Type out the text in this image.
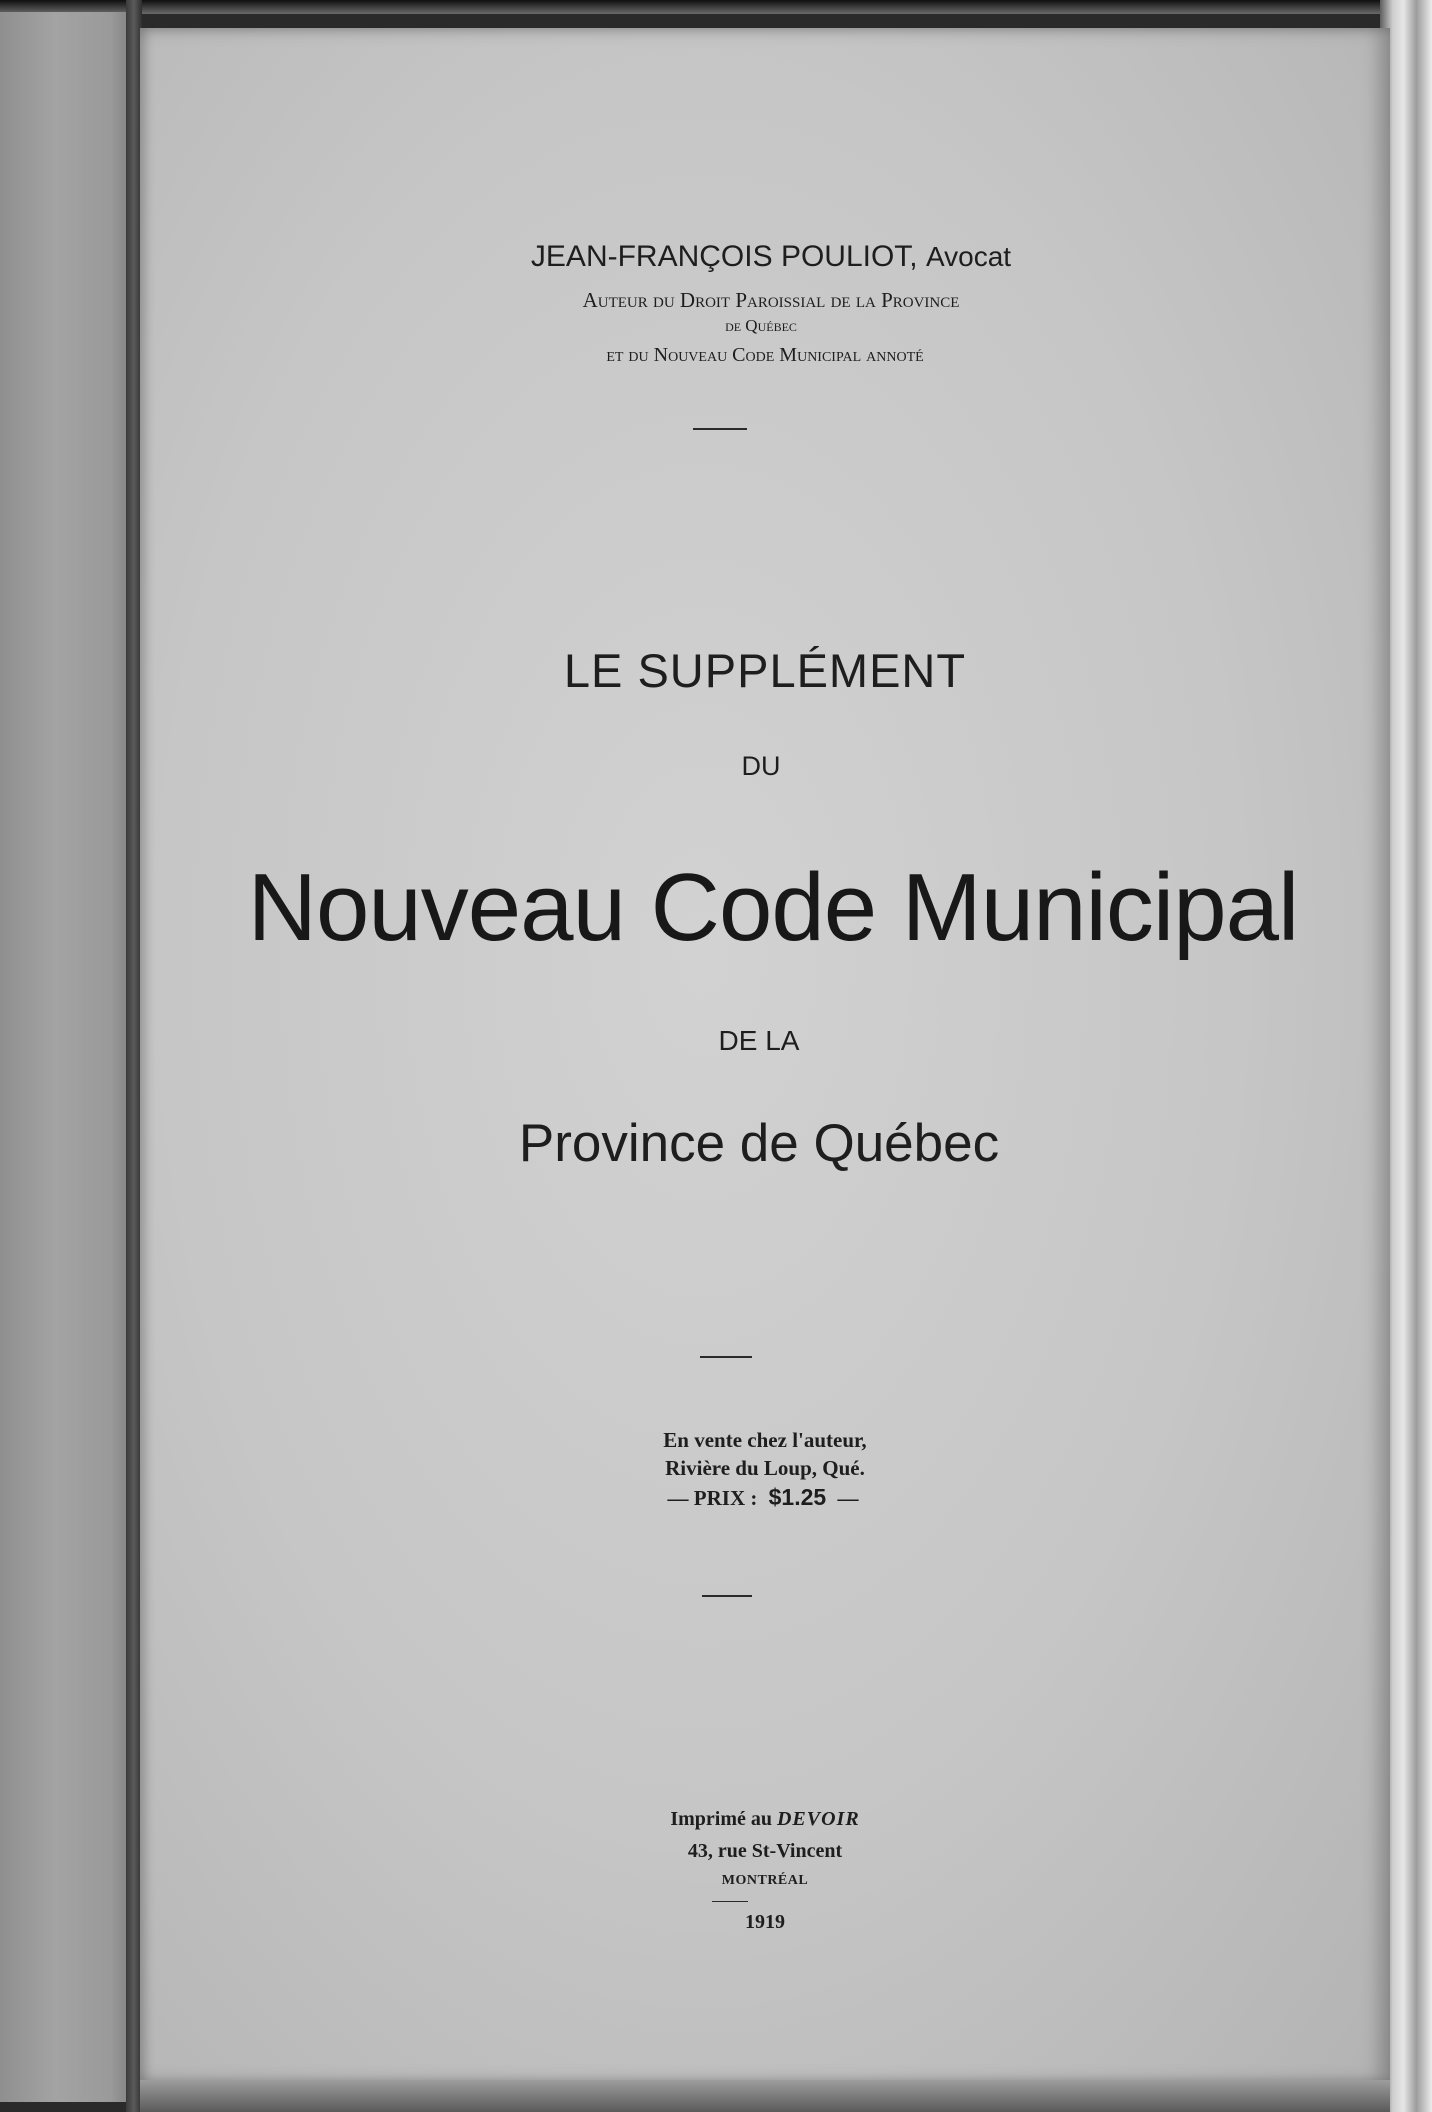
JEAN-FRANÇOIS POULIOT, Avocat
Auteur du Droit Paroissial de la Province
de Québec
et du Nouveau Code Municipal annoté
LE SUPPLÉMENT
DU
Nouveau Code Municipal
DE LA
Province de Québec
En vente chez l'auteur,
Rivière du Loup, Qué.
— PRIX : $1.25 —
Imprimé au DEVOIR
43, rue St-Vincent
MONTRÉAL
1919
